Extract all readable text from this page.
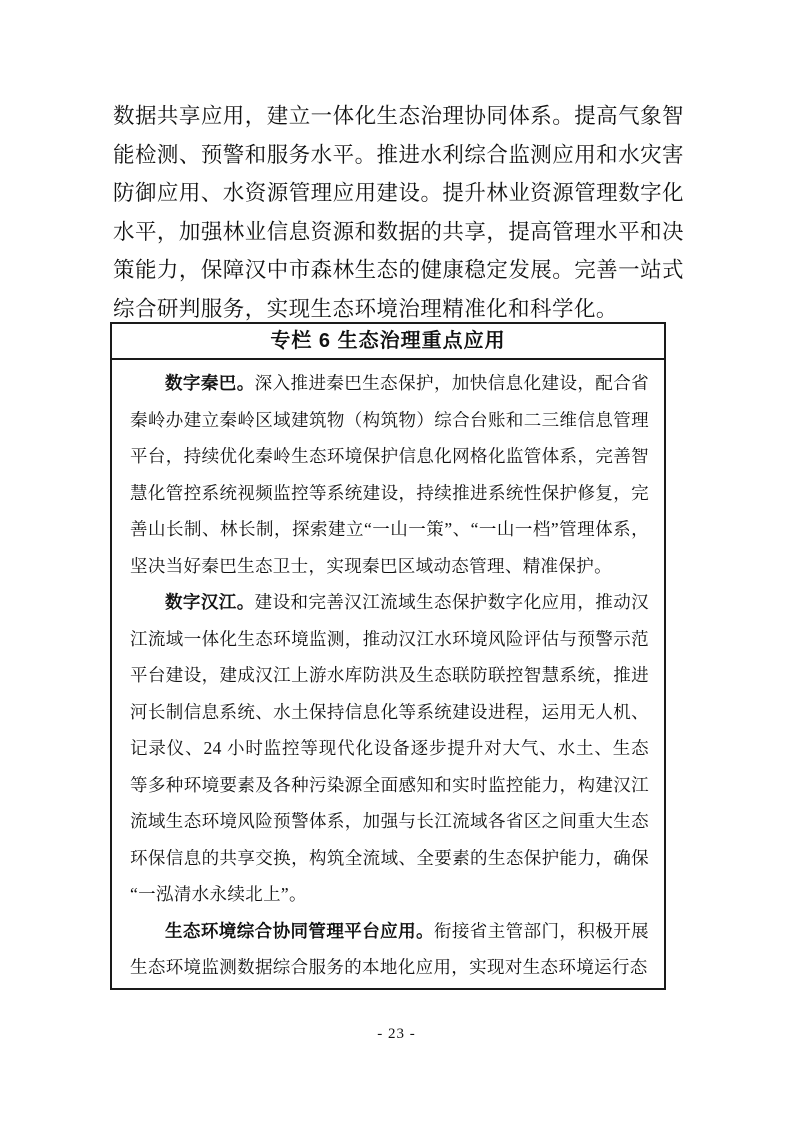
数据共享应用，建立一体化生态治理协同体系。提高气象智能检测、预警和服务水平。推进水利综合监测应用和水灾害防御应用、水资源管理应用建设。提升林业资源管理数字化水平，加强林业信息资源和数据的共享，提高管理水平和决策能力，保障汉中市森林生态的健康稳定发展。完善一站式综合研判服务，实现生态环境治理精准化和科学化。

专栏 6 生态治理重点应用

数字秦巴。深入推进秦巴生态保护，加快信息化建设，配合省秦岭办建立秦岭区域建筑物（构筑物）综合台账和二三维信息管理平台，持续优化秦岭生态环境保护信息化网格化监管体系，完善智慧化管控系统视频监控等系统建设，持续推进系统性保护修复，完善山长制、林长制，探索建立“一山一策”、“一山一档”管理体系，坚决当好秦巴生态卫士，实现秦巴区域动态管理、精准保护。

数字汉江。建设和完善汉江流域生态保护数字化应用，推动汉江流域一体化生态环境监测，推动汉江水环境风险评估与预警示范平台建设，建成汉江上游水库防洪及生态联防联控智慧系统，推进河长制信息系统、水土保持信息化等系统建设进程，运用无人机、记录仪、24 小时监控等现代化设备逐步提升对大气、水土、生态等多种环境要素及各种污染源全面感知和实时监控能力，构建汉江流域生态环境风险预警体系，加强与长江流域各省区之间重大生态环保信息的共享交换，构筑全流域、全要素的生态保护能力，确保“一泓清水永续北上”。

生态环境综合协同管理平台应用。衔接省主管部门，积极开展生态环境监测数据综合服务的本地化应用，实现对生态环境运行态

- 23 -
